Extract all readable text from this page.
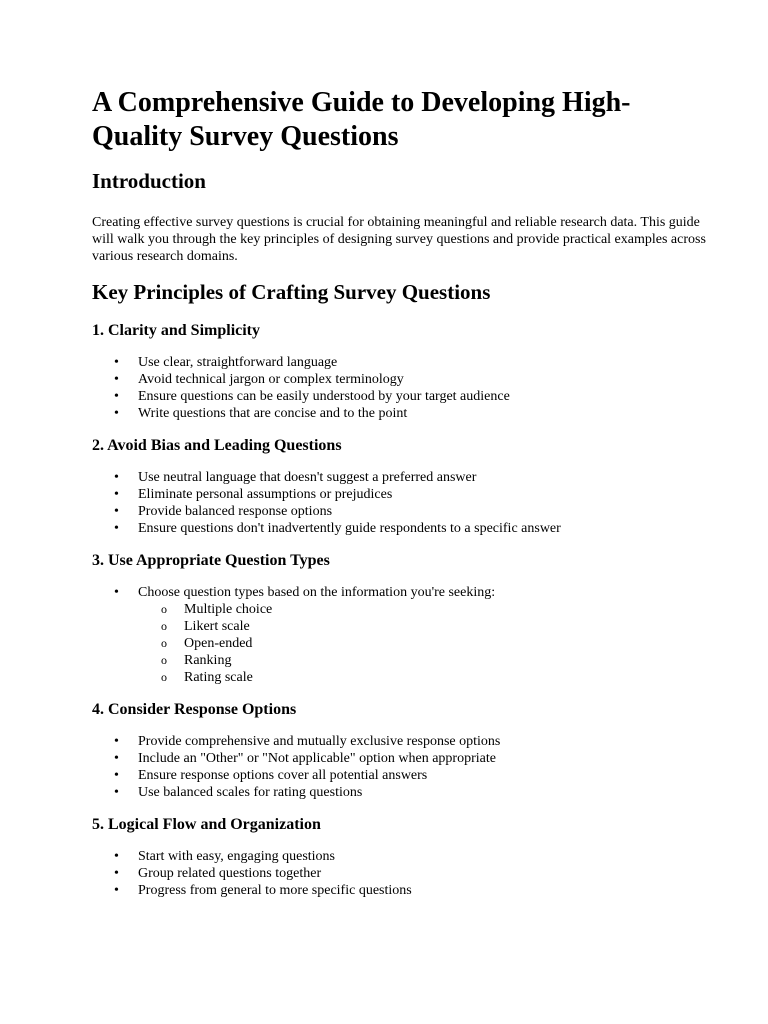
A Comprehensive Guide to Developing High-Quality Survey Questions
Introduction

Creating effective survey questions is crucial for obtaining meaningful and reliable research data. This guide will walk you through the key principles of designing survey questions and provide practical examples across various research domains.

Key Principles of Crafting Survey Questions
1. Clarity and Simplicity
• Use clear, straightforward language
• Avoid technical jargon or complex terminology
• Ensure questions can be easily understood by your target audience
• Write questions that are concise and to the point
2. Avoid Bias and Leading Questions
• Use neutral language that doesn't suggest a preferred answer
• Eliminate personal assumptions or prejudices
• Provide balanced response options
• Ensure questions don't inadvertently guide respondents to a specific answer
3. Use Appropriate Question Types
• Choose question types based on the information you're seeking:
o Multiple choice
o Likert scale
o Open-ended
o Ranking
o Rating scale
4. Consider Response Options
• Provide comprehensive and mutually exclusive response options
• Include an "Other" or "Not applicable" option when appropriate
• Ensure response options cover all potential answers
• Use balanced scales for rating questions
5. Logical Flow and Organization
• Start with easy, engaging questions
• Group related questions together
• Progress from general to more specific questions
